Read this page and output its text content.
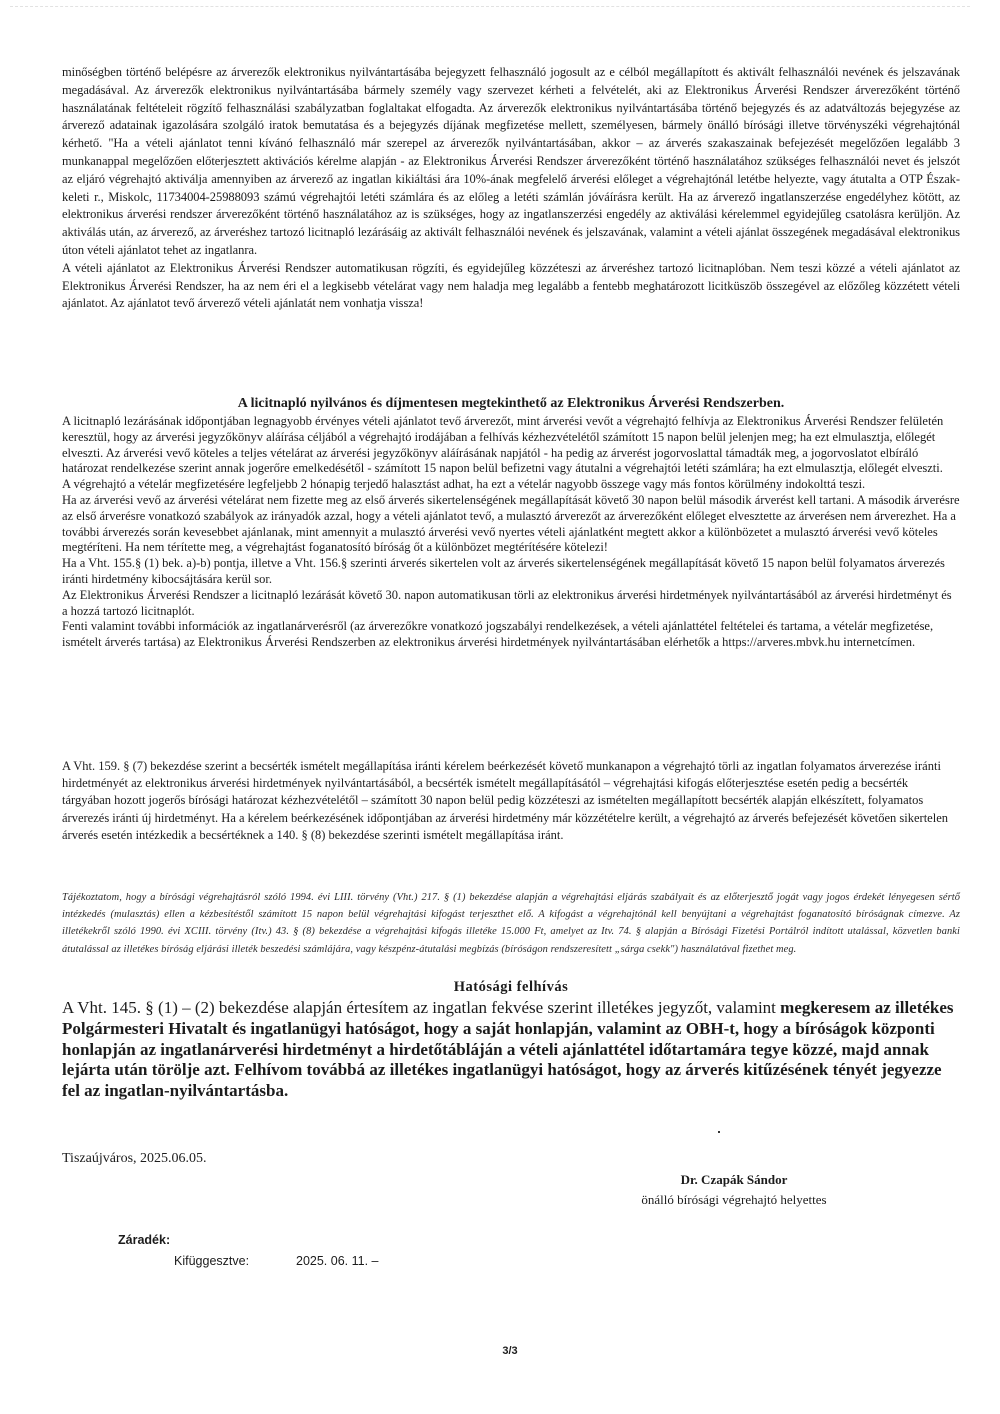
minőségben történő belépésre az árverezők elektronikus nyilvántartásába bejegyzett felhasználó jogosult az e célból megállapított és aktivált felhasználói nevének és jelszavának megadásával. Az árverezők elektronikus nyilvántartásába bármely személy vagy szervezet kérheti a felvételét, aki az Elektronikus Árverési Rendszer árverezőként történő használatának feltételeit rögzítő felhasználási szabályzatban foglaltakat elfogadta. Az árverezők elektronikus nyilvántartásába történő bejegyzés és az adatváltozás bejegyzése az árverező adatainak igazolására szolgáló iratok bemutatása és a bejegyzés díjának megfizetése mellett, személyesen, bármely önálló bírósági illetve törvényszéki végrehajtónál kérhető. "Ha a vételi ajánlatot tenni kívánó felhasználó már szerepel az árverezők nyilvántartásában, akkor – az árverés szakaszainak befejezését megelőzően legalább 3 munkanappal megelőzően előterjesztett aktivációs kérelme alapján - az Elektronikus Árverési Rendszer árverezőként történő használatához szükséges felhasználói nevet és jelszót az eljáró végrehajtó aktiválja amennyiben az árverező az ingatlan kikiáltási ára 10%-ának megfelelő árverési előleget a végrehajtónál letétbe helyezte, vagy átutalta a OTP Észak-keleti r., Miskolc, 11734004-25988093 számú végrehajtói letéti számlára és az előleg a letéti számlán jóváírásra került. Ha az árverező ingatlanszerzése engedélyhez kötött, az elektronikus árverési rendszer árverezőként történő használatához az is szükséges, hogy az ingatlanszerzési engedély az aktiválási kérelemmel egyidejűleg csatolásra kerüljön. Az aktiválás után, az árverező, az árveréshez tartozó licitnapló lezárásáig az aktivált felhasználói nevének és jelszavának, valamint a vételi ajánlat összegének megadásával elektronikus úton vételi ajánlatot tehet az ingatlanra.

A vételi ajánlatot az Elektronikus Árverési Rendszer automatikusan rögzíti, és egyidejűleg közzéteszi az árveréshez tartozó licitnaplóban. Nem teszi közzé a vételi ajánlatot az Elektronikus Árverési Rendszer, ha az nem éri el a legkisebb vételárat vagy nem haladja meg legalább a fentebb meghatározott licitküszöb összegével az előzőleg közzétett vételi ajánlatot. Az ajánlatot tevő árverező vételi ajánlatát nem vonhatja vissza!

A licitnapló nyilvános és díjmentesen megtekinthető az Elektronikus Árverési Rendszerben.

A licitnapló lezárásának időpontjában legnagyobb érvényes vételi ajánlatot tevő árverezőt, mint árverési vevőt a végrehajtó felhívja az Elektronikus Árverési Rendszer felületén keresztül, hogy az árverési jegyzőkönyv aláírása céljából a végrehajtó irodájában a felhívás kézhezvételétől számított 15 napon belül jelenjen meg; ha ezt elmulasztja, előlegét elveszti. Az árverési vevő köteles a teljes vételárat az árverési jegyzőkönyv aláírásának napjától - ha pedig az árverést jogorvoslattal támadták meg, a jogorvoslatot elbíráló határozat rendelkezése szerint annak jogerőre emelkedésétől - számított 15 napon belül befizetni vagy átutalni a végrehajtói letéti számlára; ha ezt elmulasztja, előlegét elveszti.

A végrehajtó a vételár megfizetésére legfeljebb 2 hónapig terjedő halasztást adhat, ha ezt a vételár nagyobb összege vagy más fontos körülmény indokolttá teszi.

Ha az árverési vevő az árverési vételárat nem fizette meg az első árverés sikertelenségének megállapítását követő 30 napon belül második árverést kell tartani. A második árverésre az első árverésre vonatkozó szabályok az irányadók azzal, hogy a vételi ajánlatot tevő, a mulasztó árverezőt az árverezőként előleget elvesztette az árverésen nem árverezhet. Ha a további árverezés során kevesebbet ajánlanak, mint amennyit a mulasztó árverési vevő nyertes vételi ajánlatként megtett akkor a különbözetet a mulasztó árverési vevő köteles megtéríteni. Ha nem térítette meg, a végrehajtást foganatosító bíróság őt a különbözet megtérítésére kötelezi!

Ha a Vht. 155.§ (1) bek. a)-b) pontja, illetve a Vht. 156.§ szerinti árverés sikertelen volt az árverés sikertelenségének megállapítását követő 15 napon belül folyamatos árverezés iránti hirdetmény kibocsájtására kerül sor.

Az Elektronikus Árverési Rendszer a licitnapló lezárását követő 30. napon automatikusan törli az elektronikus árverési hirdetmények nyilvántartásából az árverési hirdetményt és a hozzá tartozó licitnaplót.

Fenti valamint további információk az ingatlanárverésről (az árverezőkre vonatkozó jogszabályi rendelkezések, a vételi ajánlattétel feltételei és tartama, a vételár megfizetése, ismételt árverés tartása) az Elektronikus Árverési Rendszerben az elektronikus árverési hirdetmények nyilvántartásában elérhetők a https://arveres.mbvk.hu internetcímen.

A Vht. 159. § (7) bekezdése szerint a becsérték ismételt megállapítása iránti kérelem beérkezését követő munkanapon a végrehajtó törli az ingatlan folyamatos árverezése iránti hirdetményét az elektronikus árverési hirdetmények nyilvántartásából, a becsérték ismételt megállapításától – végrehajtási kifogás előterjesztése esetén pedig a becsérték tárgyában hozott jogerős bírósági határozat kézhezvételétől – számított 30 napon belül pedig közzéteszi az ismételten megállapított becsérték alapján elkészített, folyamatos árverezés iránti új hirdetményt. Ha a kérelem beérkezésének időpontjában az árverési hirdetmény már közzétételre került, a végrehajtó az árverés befejezését követően sikertelen árverés esetén intézkedik a becsértéknek a 140. § (8) bekezdése szerinti ismételt megállapítása iránt.

Tájékoztatom, hogy a bírósági végrehajtásról szóló 1994. évi LIII. törvény (Vht.) 217. § (1) bekezdése alapján a végrehajtási eljárás szabályait és az előterjesztő jogát vagy jogos érdekét lényegesen sértő intézkedés (mulasztás) ellen a kézbesítéstől számított 15 napon belül végrehajtási kifogást terjeszthet elő. A kifogást a végrehajtónál kell benyújtani a végrehajtást foganatosító bíróságnak címezve. Az illetékekről szóló 1990. évi XCIII. törvény (Itv.) 43. § (8) bekezdése a végrehajtási kifogás illetéke 15.000 Ft, amelyet az Itv. 74. § alapján a Bírósági Fizetési Portálról indított utalással, közvetlen banki átutalással az illetékes bíróság eljárási illeték beszedési számlájára, vagy készpénz-átutalási megbízás (bíróságon rendszeresített „sárga csekk") használatával fizethet meg.

Hatósági felhívás

A Vht. 145. § (1) – (2) bekezdése alapján értesítem az ingatlan fekvése szerint illetékes jegyzőt, valamint megkeresem az illetékes Polgármesteri Hivatalt és ingatlanügyi hatóságot, hogy a saját honlapján, valamint az OBH-t, hogy a bíróságok központi honlapján az ingatlanárverési hirdetményt a hirdetőtábláján a vételi ajánlattétel időtartamára tegye közzé, majd annak lejárta után törölje azt. Felhívom továbbá az illetékes ingatlanügyi hatóságot, hogy az árverés kitűzésének tényét jegyezze fel az ingatlan-nyilvántartásba.

Tiszaújváros, 2025.06.05.
Dr. Czapák Sándor
önálló bírósági végrehajtó helyettes
Záradék:
Kifüggesztve:	2025. 06. 11. –
3/3
